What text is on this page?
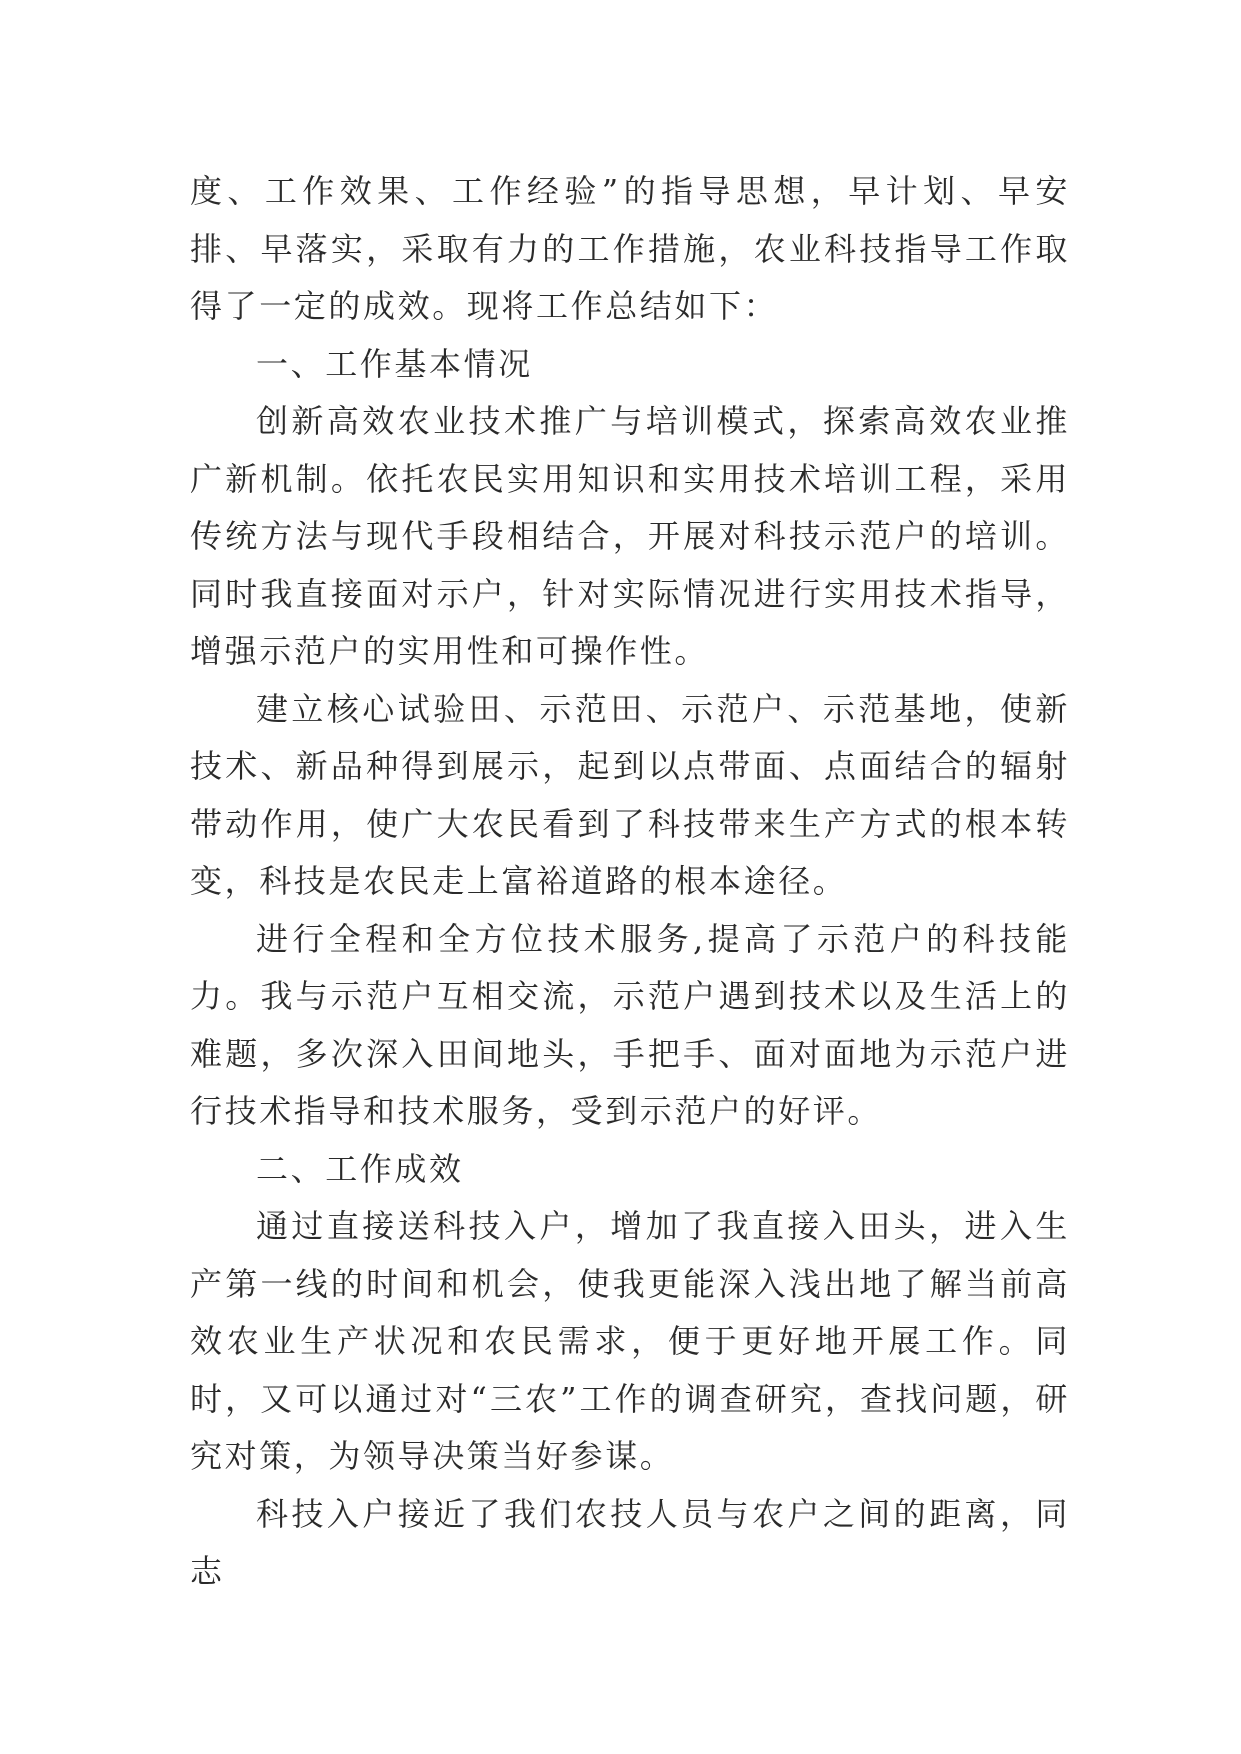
度、工作效果、工作经验”的指导思想，早计划、早安排、早落实，采取有力的工作措施，农业科技指导工作取得了一定的成效。现将工作总结如下：

一、工作基本情况

创新高效农业技术推广与培训模式，探索高效农业推广新机制。依托农民实用知识和实用技术培训工程，采用传统方法与现代手段相结合，开展对科技示范户的培训。同时我直接面对示户，针对实际情况进行实用技术指导，增强示范户的实用性和可操作性。

建立核心试验田、示范田、示范户、示范基地，使新技术、新品种得到展示，起到以点带面、点面结合的辐射带动作用，使广大农民看到了科技带来生产方式的根本转变，科技是农民走上富裕道路的根本途径。

进行全程和全方位技术服务,提高了示范户的科技能力。我与示范户互相交流，示范户遇到技术以及生活上的难题，多次深入田间地头，手把手、面对面地为示范户进行技术指导和技术服务，受到示范户的好评。

二、工作成效

通过直接送科技入户，增加了我直接入田头，进入生产第一线的时间和机会，使我更能深入浅出地了解当前高效农业生产状况和农民需求，便于更好地开展工作。同时，又可以通过对“三农”工作的调查研究，查找问题，研究对策，为领导决策当好参谋。

科技入户接近了我们农技人员与农户之间的距离，同志
